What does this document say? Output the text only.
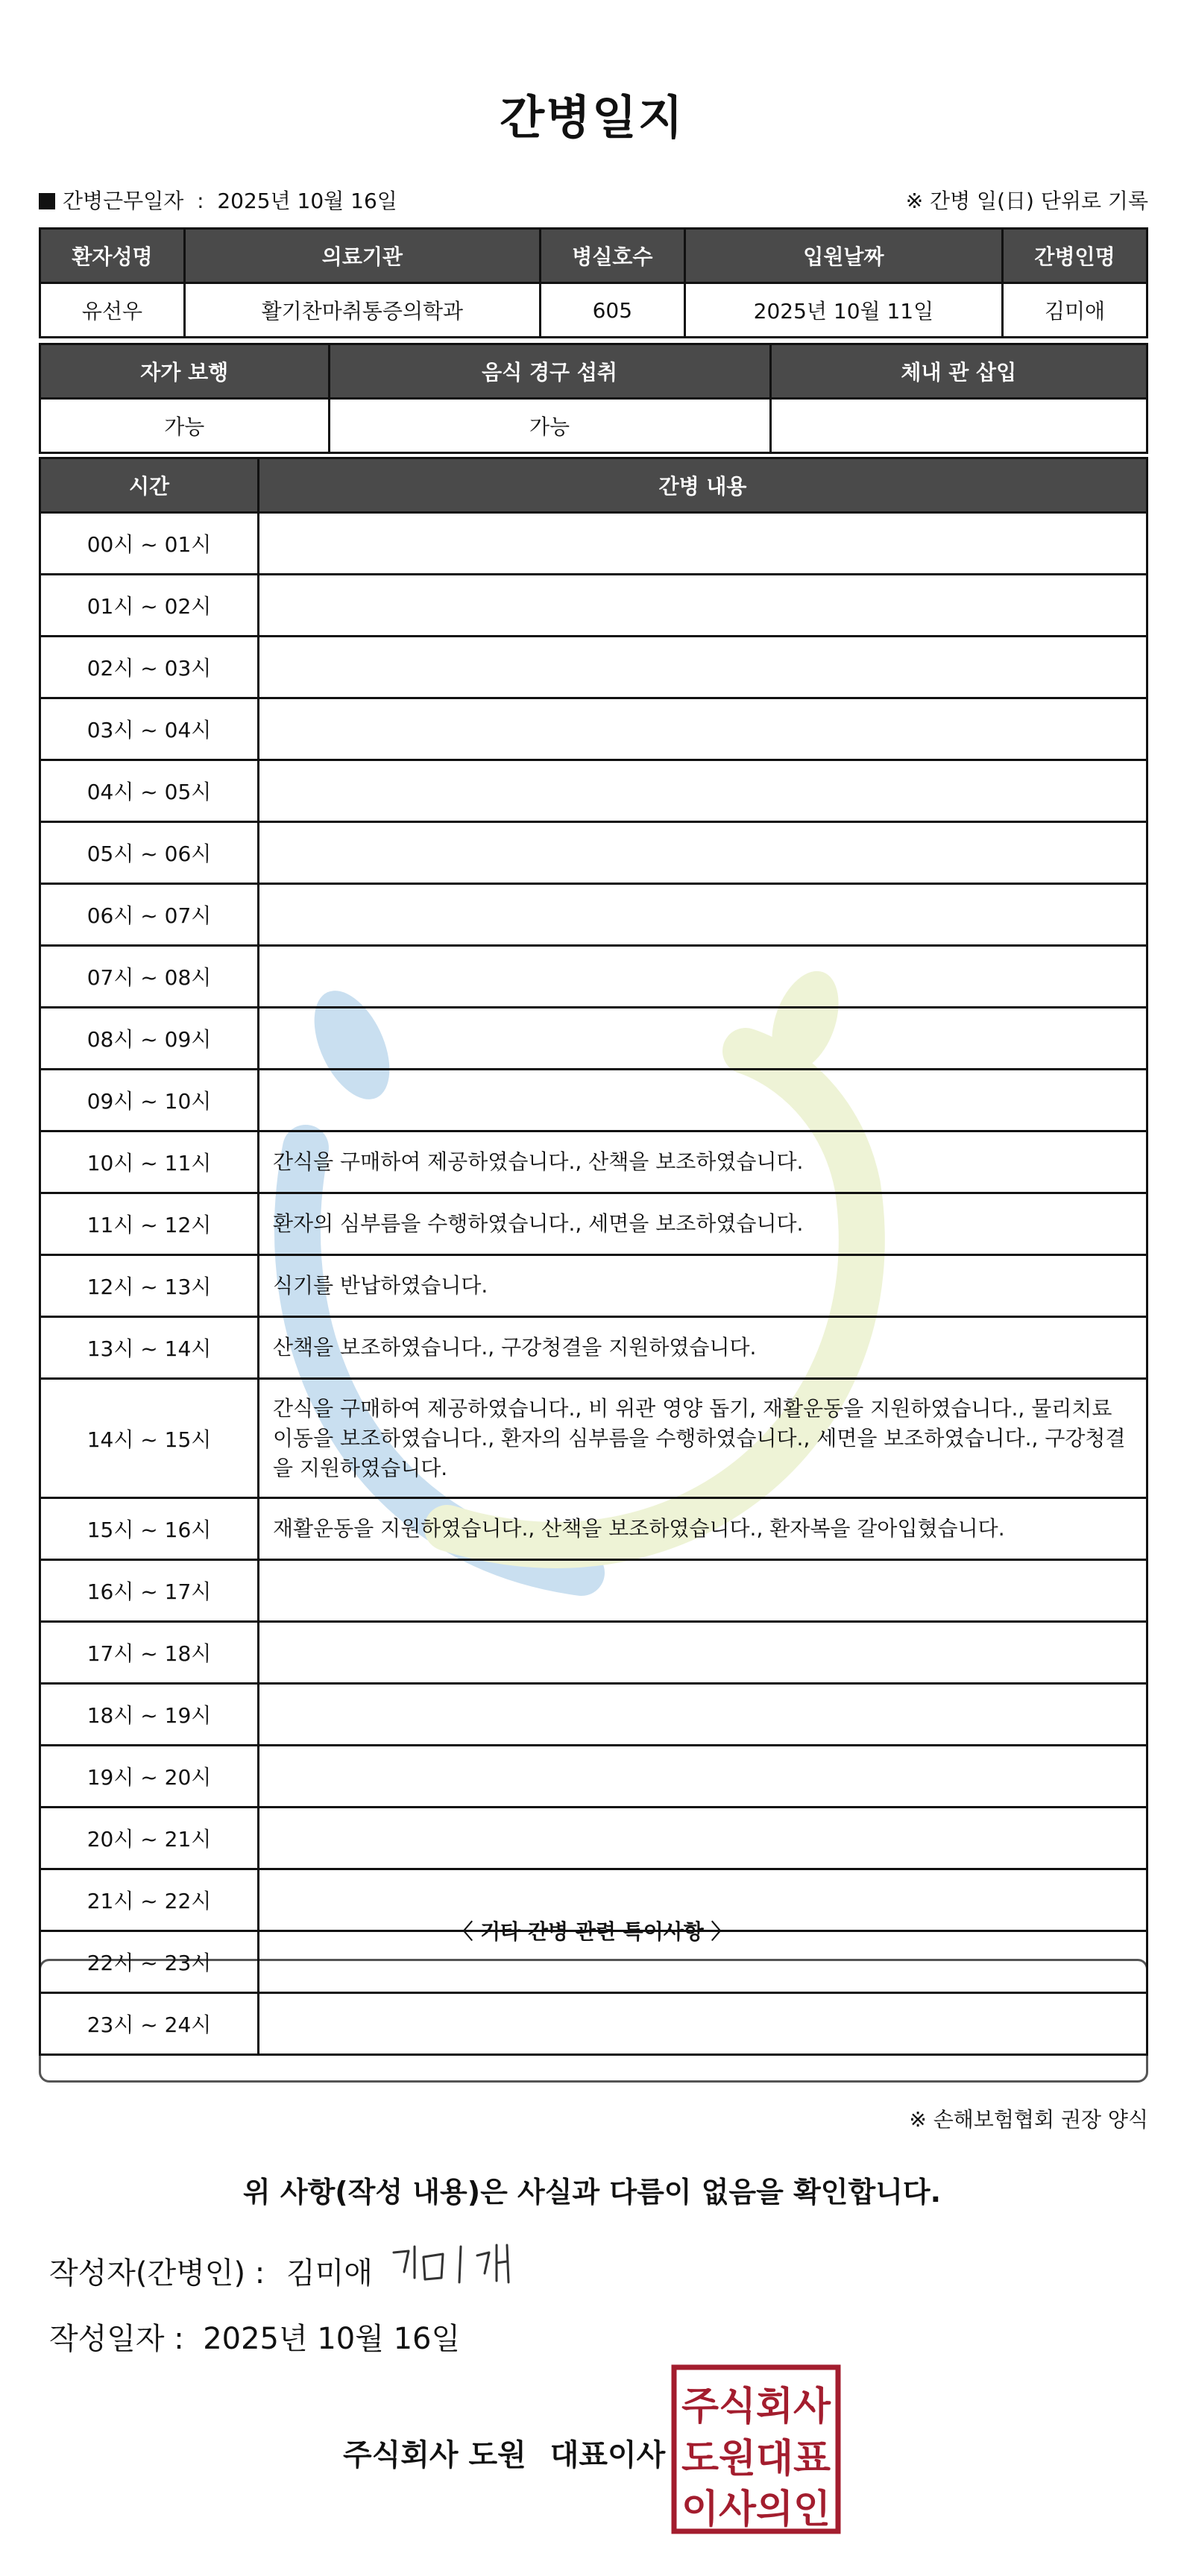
간병일지
간병근무일자  :  2025년 10월 16일	※ 간병 일(日) 단위로 기록
환자성명	의료기관	병실호수	입원날짜	간병인명
유선우	활기찬마취통증의학과	605	2025년 10월 11일	김미애
자가 보행	음식 경구 섭취	체내 관 삽입
가능	가능	
시간	간병 내용
00시 ~ 01시	
01시 ~ 02시	
02시 ~ 03시	
03시 ~ 04시	
04시 ~ 05시	
05시 ~ 06시	
06시 ~ 07시	
07시 ~ 08시	
08시 ~ 09시	
09시 ~ 10시	
10시 ~ 11시	간식을 구매하여 제공하였습니다., 산책을 보조하였습니다.
11시 ~ 12시	환자의 심부름을 수행하였습니다., 세면을 보조하였습니다.
12시 ~ 13시	식기를 반납하였습니다.
13시 ~ 14시	산책을 보조하였습니다., 구강청결을 지원하였습니다.
14시 ~ 15시	간식을 구매하여 제공하였습니다., 비 위관 영양 돕기, 재활운동을 지원하였습니다., 물리치료 이동을 보조하였습니다., 환자의 심부름을 수행하였습니다., 세면을 보조하였습니다., 구강청결을 지원하였습니다.
15시 ~ 16시	재활운동을 지원하였습니다., 산책을 보조하였습니다., 환자복을 갈아입혔습니다.
16시 ~ 17시	
17시 ~ 18시	
18시 ~ 19시	
19시 ~ 20시	
20시 ~ 21시	
21시 ~ 22시	
22시 ~ 23시	
23시 ~ 24시	
〈 기타 간병 관련 특이사항 〉
※ 손해보험협회 권장 양식
위 사항(작성 내용)은 사실과 다름이 없음을 확인합니다.
작성자(간병인) : 김미애
작성일자 : 2025년 10월 16일
주식회사 도원 대표이사
주식회사
도원대표
이사의인
